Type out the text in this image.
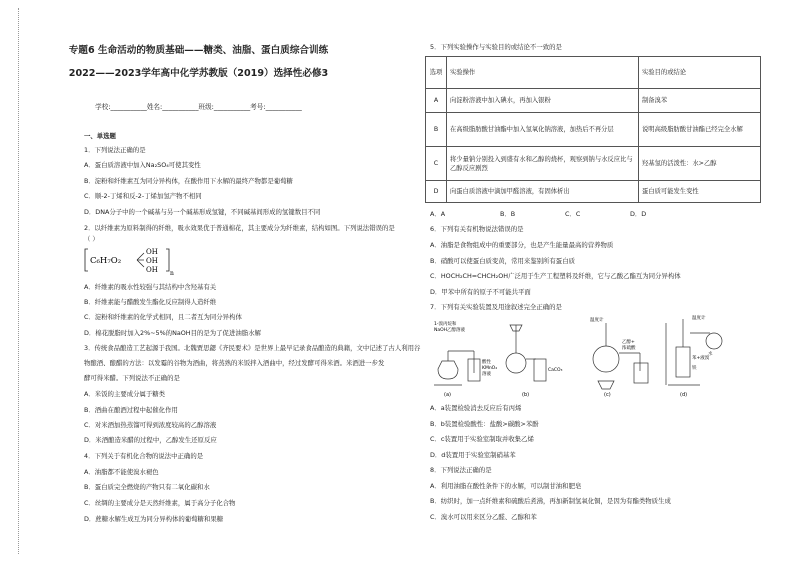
专题6 生命活动的物质基础——糖类、油脂、蛋白质综合训练
2022——2023学年高中化学苏教版（2019）选择性必修3
学校:___________姓名:___________班级:___________考号:___________
一、单选题
1．下列说法正确的是
A．蛋白质溶液中加入Na₂SO₄可使其变性
B．淀粉和纤维素互为同分异构体，在酸作用下水解的最终产物都是葡萄糖
C．顺-2-丁烯和反-2-丁烯加氢产物不相同
D．DNA分子中的一个碱基与另一个碱基形成氢键，不同碱基间形成的氢键数目不同
2．以纤维素为原料制得的纤维，吸水效果优于普通棉花，其主要成分为纤维素，结构如图。下列说法错误的是
（ ）
C₆H₇O₂
OH
OH
OH n
A．纤维素的吸水性较强与其结构中含羟基有关
B．纤维素能与醋酸发生酯化反应制得人造纤维
C．淀粉和纤维素的化学式相同，且二者互为同分异构体
D．棉花脱脂时加入2%~5%的NaOH目的是为了促进油脂水解
3．传统食品酿造工艺起源于我国。北魏贾思勰《齐民要术》是世界上最早记录食品酿造的典籍，文中记述了古人利用谷
物酿酒、酿醋的方法：以发霉的谷物为酒曲，将蒸熟的米饭拌入酒曲中，经过发酵可得米酒。米酒进一步发
酵可得米醋。下列说法不正确的是
A．米饭的主要成分属于糖类
B．酒曲在酿酒过程中起催化作用
C．对米酒加热蒸馏可得到浓度较高的乙醇溶液
D．米酒酿造米醋的过程中，乙醇发生还原反应
4．下列关于有机化合物的说法中正确的是
A．油脂都不能使溴水褪色
B．蛋白质完全燃烧的产物只有二氧化碳和水
C．丝绸的主要成分是天然纤维素，属于高分子化合物
D．蔗糖水解生成互为同分异构体的葡萄糖和果糖
5．下列实验操作与实验目的或结论不一致的是
选项	实验操作	实验目的或结论
A	向淀粉溶液中加入碘水，再加入银粉	制备溴苯
B	在高级脂肪酸甘油酯中加入氢氧化钠溶液，加热后不再分层	说明高级脂肪酸甘油酯已经完全水解
C	将少量钠分别投入到盛有水和乙醇的烧杯，观察到钠与水反应比与乙醇反应剧烈	羟基氢的活泼性：水>乙醇
D	向蛋白质溶液中滴加甲醛溶液，有固体析出	蛋白质可能发生变性
A．A	B．B	C．C	D．D
6．下列有关有机物说法错误的是
A．油脂是食物组成中的重要部分，也是产生能量最高的营养物质
B．硝酸可以使蛋白质变黄，常用来鉴别所有蛋白质
C．HOCH₂CH=CHCH₂OH广泛用于生产工程塑料及纤维，它与乙酸乙酯互为同分异构体
D．甲苯中所有的原子不可能共平面
7．下列有关实验装置及用途叙述完全正确的是
1-溴丙烷和
NaOH乙醇溶液
酸性
KMnO₄
溶液
CaCO₃
温度计
乙醇+
浓硫酸
温度计
苯+液溴
水
铁
(a)	(b)	(c)	(d)
A．a装置检验消去反应后有丙烯
B．b装置检验酸性：盐酸>碳酸>苯酚
C．c装置用于实验室制取并收集乙烯
D．d装置用于实验室制硝基苯
8．下列说法正确的是
A．利用油脂在酸性条件下的水解，可以制甘油和肥皂
B．纺织时，加一点纤维素和硫酸后煮沸，再加新制氢氧化铜，是因为有酯类物质生成
C．溴水可以用来区分乙醛、乙醇和苯
